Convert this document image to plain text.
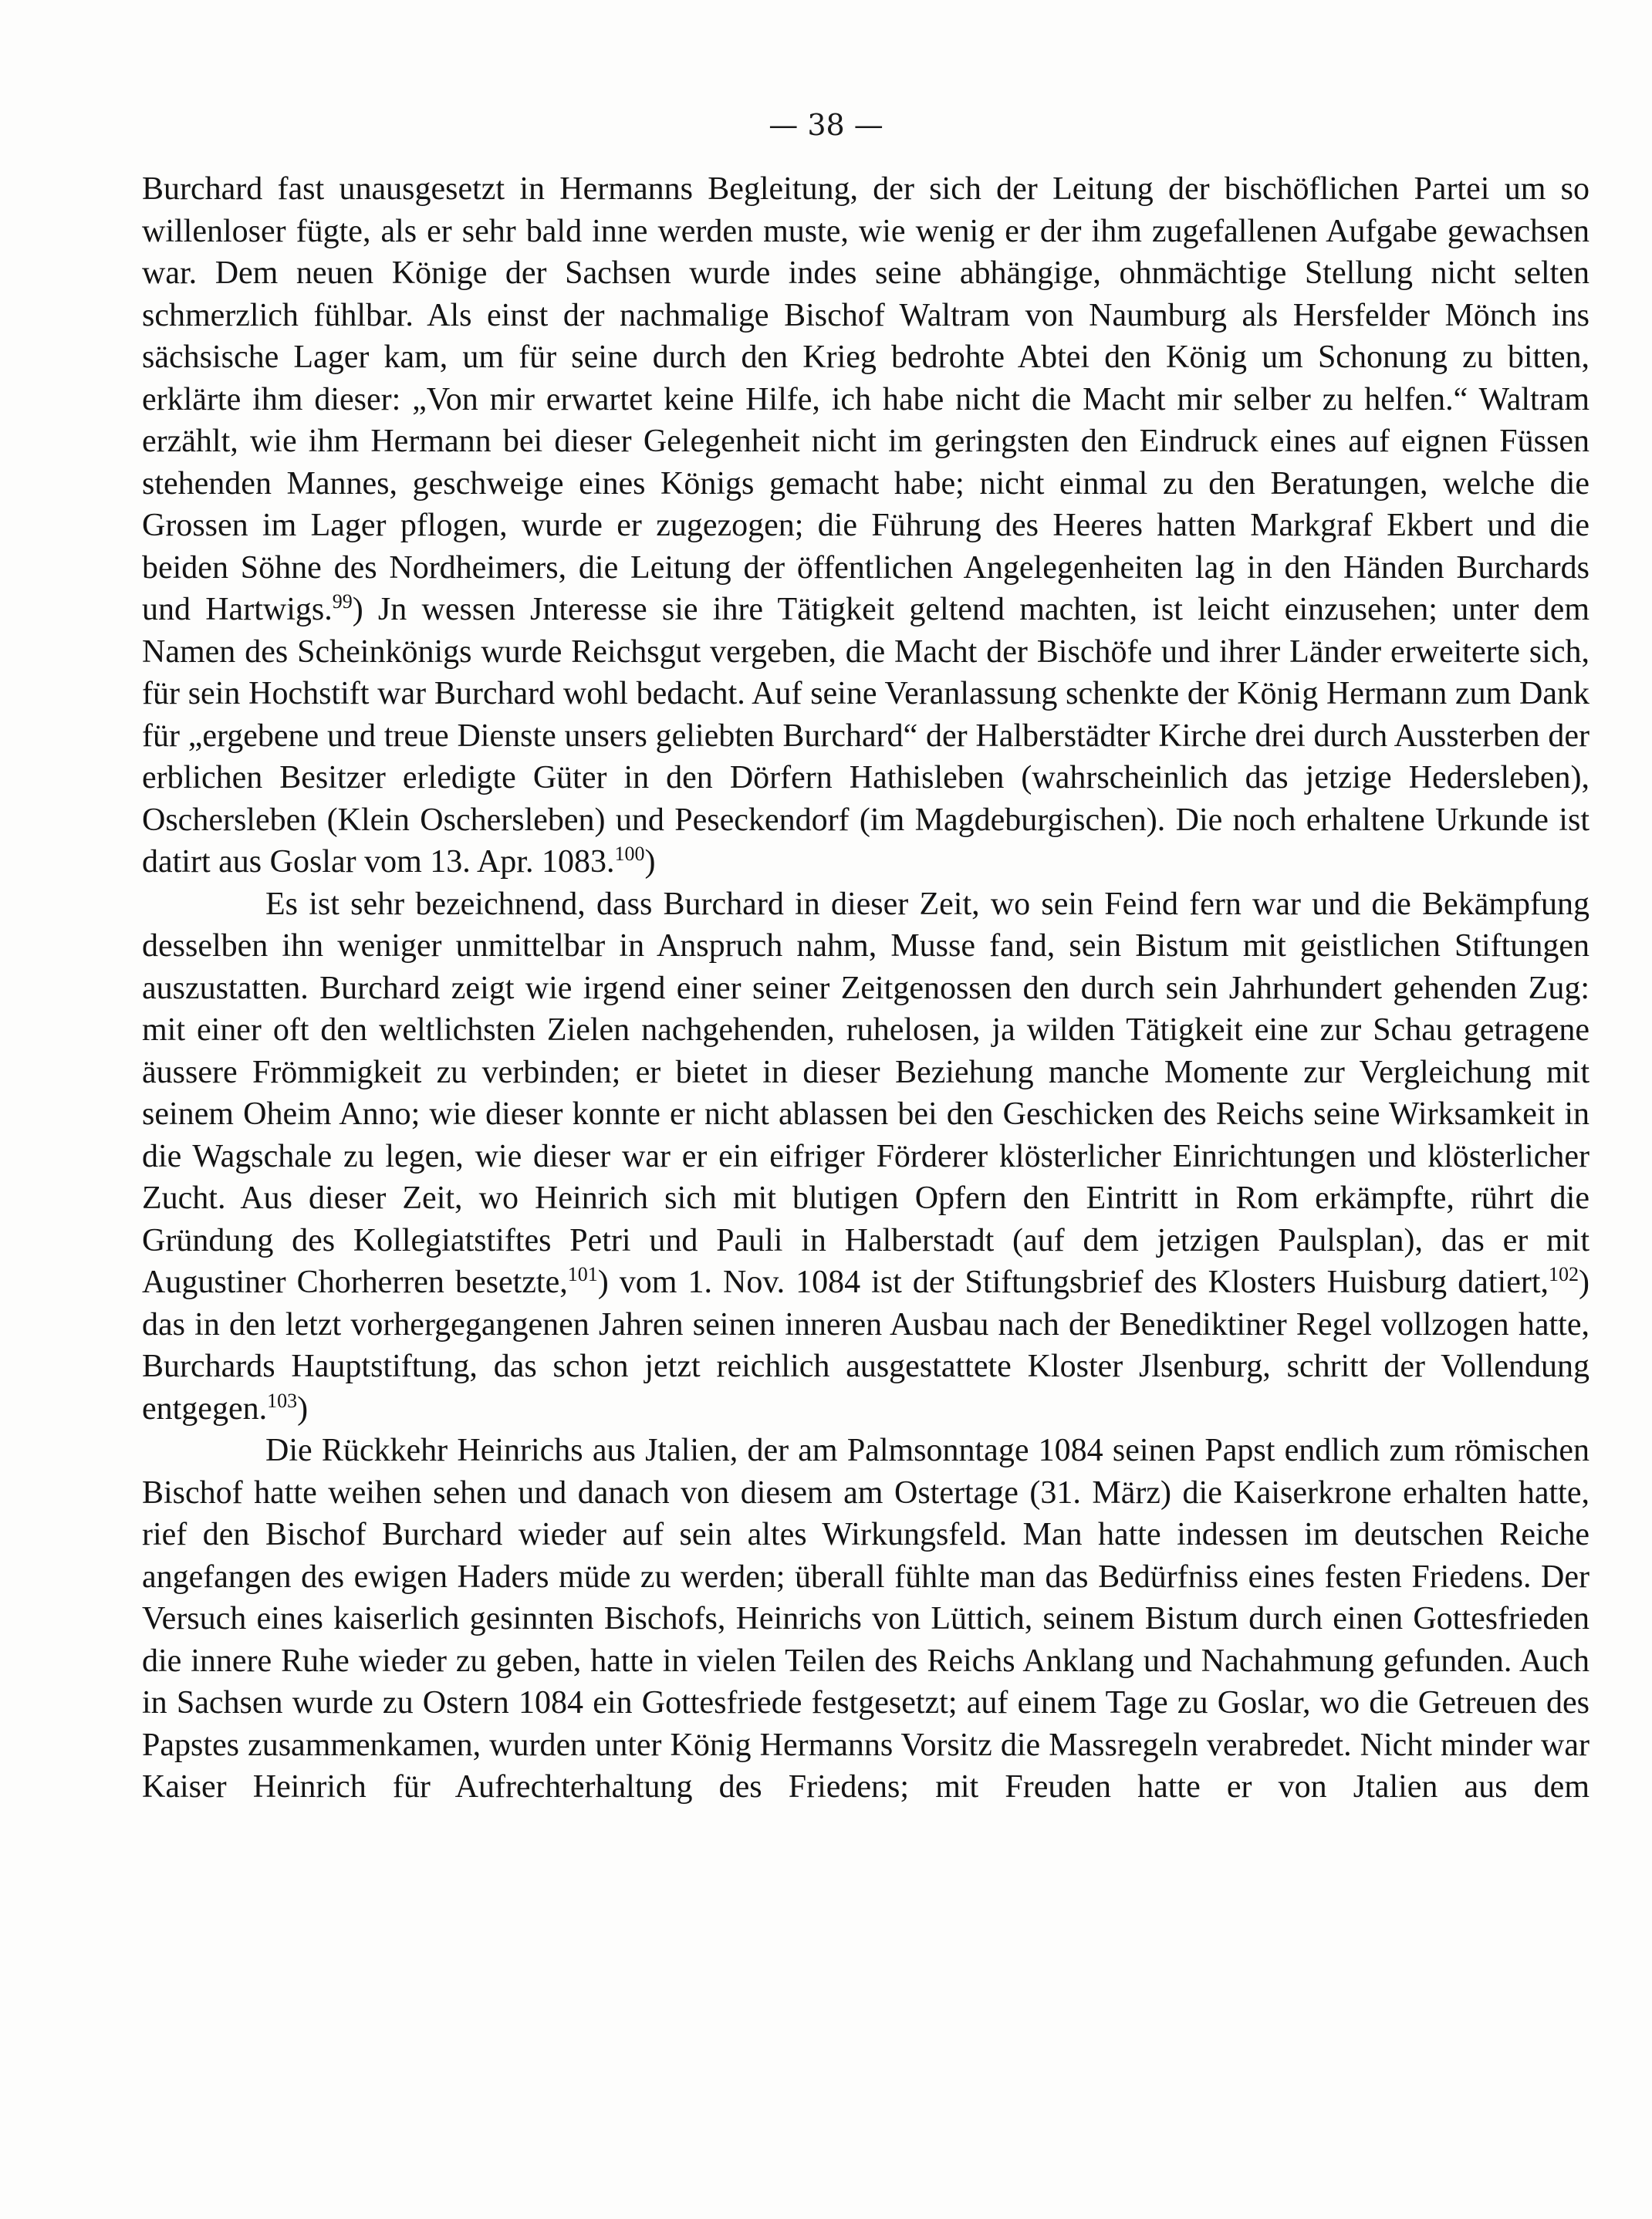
— 38 —

Burchard fast unausgesetzt in Hermanns Begleitung, der sich der Leitung der bischöflichen Partei um so willenloser fügte, als er sehr bald inne werden muste, wie wenig er der ihm zugefallenen Aufgabe gewachsen war. Dem neuen Könige der Sachsen wurde indes seine abhängige, ohnmächtige Stellung nicht selten schmerzlich fühlbar. Als einst der nachmalige Bischof Waltram von Naumburg als Hersfelder Mönch ins sächsische Lager kam, um für seine durch den Krieg bedrohte Abtei den König um Schonung zu bitten, erklärte ihm dieser: „Von mir erwartet keine Hilfe, ich habe nicht die Macht mir selber zu helfen.“ Waltram erzählt, wie ihm Hermann bei dieser Gelegenheit nicht im geringsten den Eindruck eines auf eignen Füssen stehenden Mannes, geschweige eines Königs gemacht habe; nicht einmal zu den Beratungen, welche die Grossen im Lager pflogen, wurde er zugezogen; die Führung des Heeres hatten Markgraf Ekbert und die beiden Söhne des Nordheimers, die Leitung der öffentlichen Angelegenheiten lag in den Händen Burchards und Hartwigs.$^{99}$) Jn wessen Jnteresse sie ihre Tätigkeit geltend machten, ist leicht einzusehen; unter dem Namen des Scheinkönigs wurde Reichsgut vergeben, die Macht der Bischöfe und ihrer Länder erweiterte sich, für sein Hochstift war Burchard wohl bedacht. Auf seine Veranlassung schenkte der König Hermann zum Dank für „ergebene und treue Dienste unsers geliebten Burchard“ der Halberstädter Kirche drei durch Aussterben der erblichen Besitzer erledigte Güter in den Dörfern Hathisleben (wahrscheinlich das jetzige Hedersleben), Oschersleben (Klein Oschersleben) und Peseckendorf (im Magdeburgischen). Die noch erhaltene Urkunde ist datirt aus Goslar vom 13. Apr. 1083.$^{100}$)

Es ist sehr bezeichnend, dass Burchard in dieser Zeit, wo sein Feind fern war und die Bekämpfung desselben ihn weniger unmittelbar in Anspruch nahm, Musse fand, sein Bistum mit geistlichen Stiftungen auszustatten. Burchard zeigt wie irgend einer seiner Zeitgenossen den durch sein Jahrhundert gehenden Zug: mit einer oft den weltlichsten Zielen nachgehenden, ruhelosen, ja wilden Tätigkeit eine zur Schau getragene äussere Frömmigkeit zu verbinden; er bietet in dieser Beziehung manche Momente zur Vergleichung mit seinem Oheim Anno; wie dieser konnte er nicht ablassen bei den Geschicken des Reichs seine Wirksamkeit in die Wagschale zu legen, wie dieser war er ein eifriger Förderer klösterlicher Einrichtungen und klösterlicher Zucht. Aus dieser Zeit, wo Heinrich sich mit blutigen Opfern den Eintritt in Rom erkämpfte, rührt die Gründung des Kollegiatstiftes Petri und Pauli in Halberstadt (auf dem jetzigen Paulsplan), das er mit Augustiner Chorherren besetzte,$^{101}$) vom 1. Nov. 1084 ist der Stiftungsbrief des Klosters Huisburg datiert,$^{102}$) das in den letzt vorhergegangenen Jahren seinen inneren Ausbau nach der Benediktiner Regel vollzogen hatte, Burchards Hauptstiftung, das schon jetzt reichlich ausgestattete Kloster Jlsenburg, schritt der Vollendung entgegen.$^{103}$)

Die Rückkehr Heinrichs aus Jtalien, der am Palmsonntage 1084 seinen Papst endlich zum römischen Bischof hatte weihen sehen und danach von diesem am Ostertage (31. März) die Kaiserkrone erhalten hatte, rief den Bischof Burchard wieder auf sein altes Wirkungsfeld. Man hatte indessen im deutschen Reiche angefangen des ewigen Haders müde zu werden; überall fühlte man das Bedürfniss eines festen Friedens. Der Versuch eines kaiserlich gesinnten Bischofs, Heinrichs von Lüttich, seinem Bistum durch einen Gottesfrieden die innere Ruhe wieder zu geben, hatte in vielen Teilen des Reichs Anklang und Nachahmung gefunden. Auch in Sachsen wurde zu Ostern 1084 ein Gottesfriede festgesetzt; auf einem Tage zu Goslar, wo die Getreuen des Papstes zusammenkamen, wurden unter König Hermanns Vorsitz die Massregeln verabredet. Nicht minder war Kaiser Heinrich für Aufrechterhaltung des Friedens; mit Freuden hatte er von Jtalien aus dem
